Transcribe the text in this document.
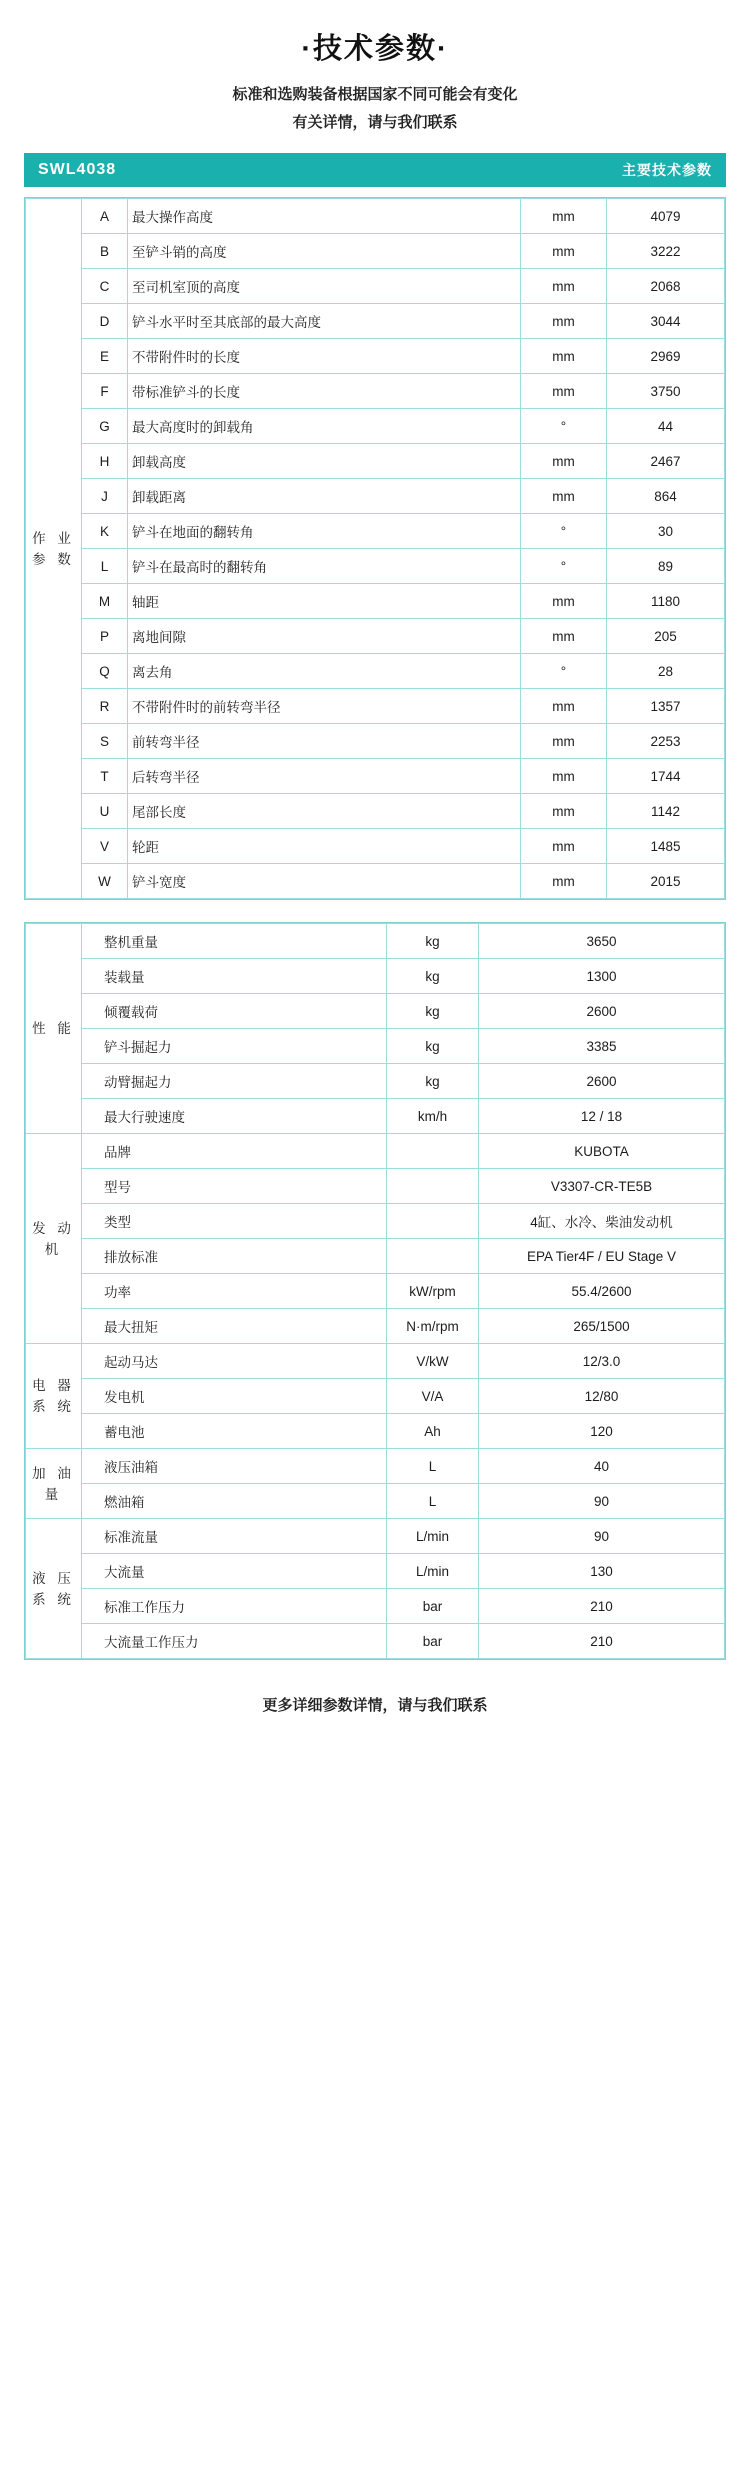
·技术参数·
标准和选购装备根据国家不同可能会有变化
有关详情，请与我们联系
SWL4038	主要技术参数
作 业 参 数	A	最大操作高度	mm	4079
	B	至铲斗销的高度	mm	3222
	C	至司机室顶的高度	mm	2068
	D	铲斗水平时至其底部的最大高度	mm	3044
	E	不带附件时的长度	mm	2969
	F	带标准铲斗的长度	mm	3750
	G	最大高度时的卸载角	°	44
	H	卸载高度	mm	2467
	J	卸载距离	mm	864
	K	铲斗在地面的翻转角	°	30
	L	铲斗在最高时的翻转角	°	89
	M	轴距	mm	1180
	P	离地间隙	mm	205
	Q	离去角	°	28
	R	不带附件时的前转弯半径	mm	1357
	S	前转弯半径	mm	2253
	T	后转弯半径	mm	1744
	U	尾部长度	mm	1142
	V	轮距	mm	1485
	W	铲斗宽度	mm	2015
性 能	整机重量	kg	3650
	装载量	kg	1300
	倾覆载荷	kg	2600
	铲斗掘起力	kg	3385
	动臂掘起力	kg	2600
	最大行驶速度	km/h	12 / 18
发 动 机	品牌		KUBOTA
	型号		V3307-CR-TE5B
	类型		4缸、水冷、柴油发动机
	排放标准		EPA Tier4F / EU Stage V
	功率	kW/rpm	55.4/2600
	最大扭矩	N·m/rpm	265/1500
电 器 系 统	起动马达	V/kW	12/3.0
	发电机	V/A	12/80
	蓄电池	Ah	120
加 油 量	液压油箱	L	40
	燃油箱	L	90
液 压 系 统	标准流量	L/min	90
	大流量	L/min	130
	标准工作压力	bar	210
	大流量工作压力	bar	210
更多详细参数详情，请与我们联系
